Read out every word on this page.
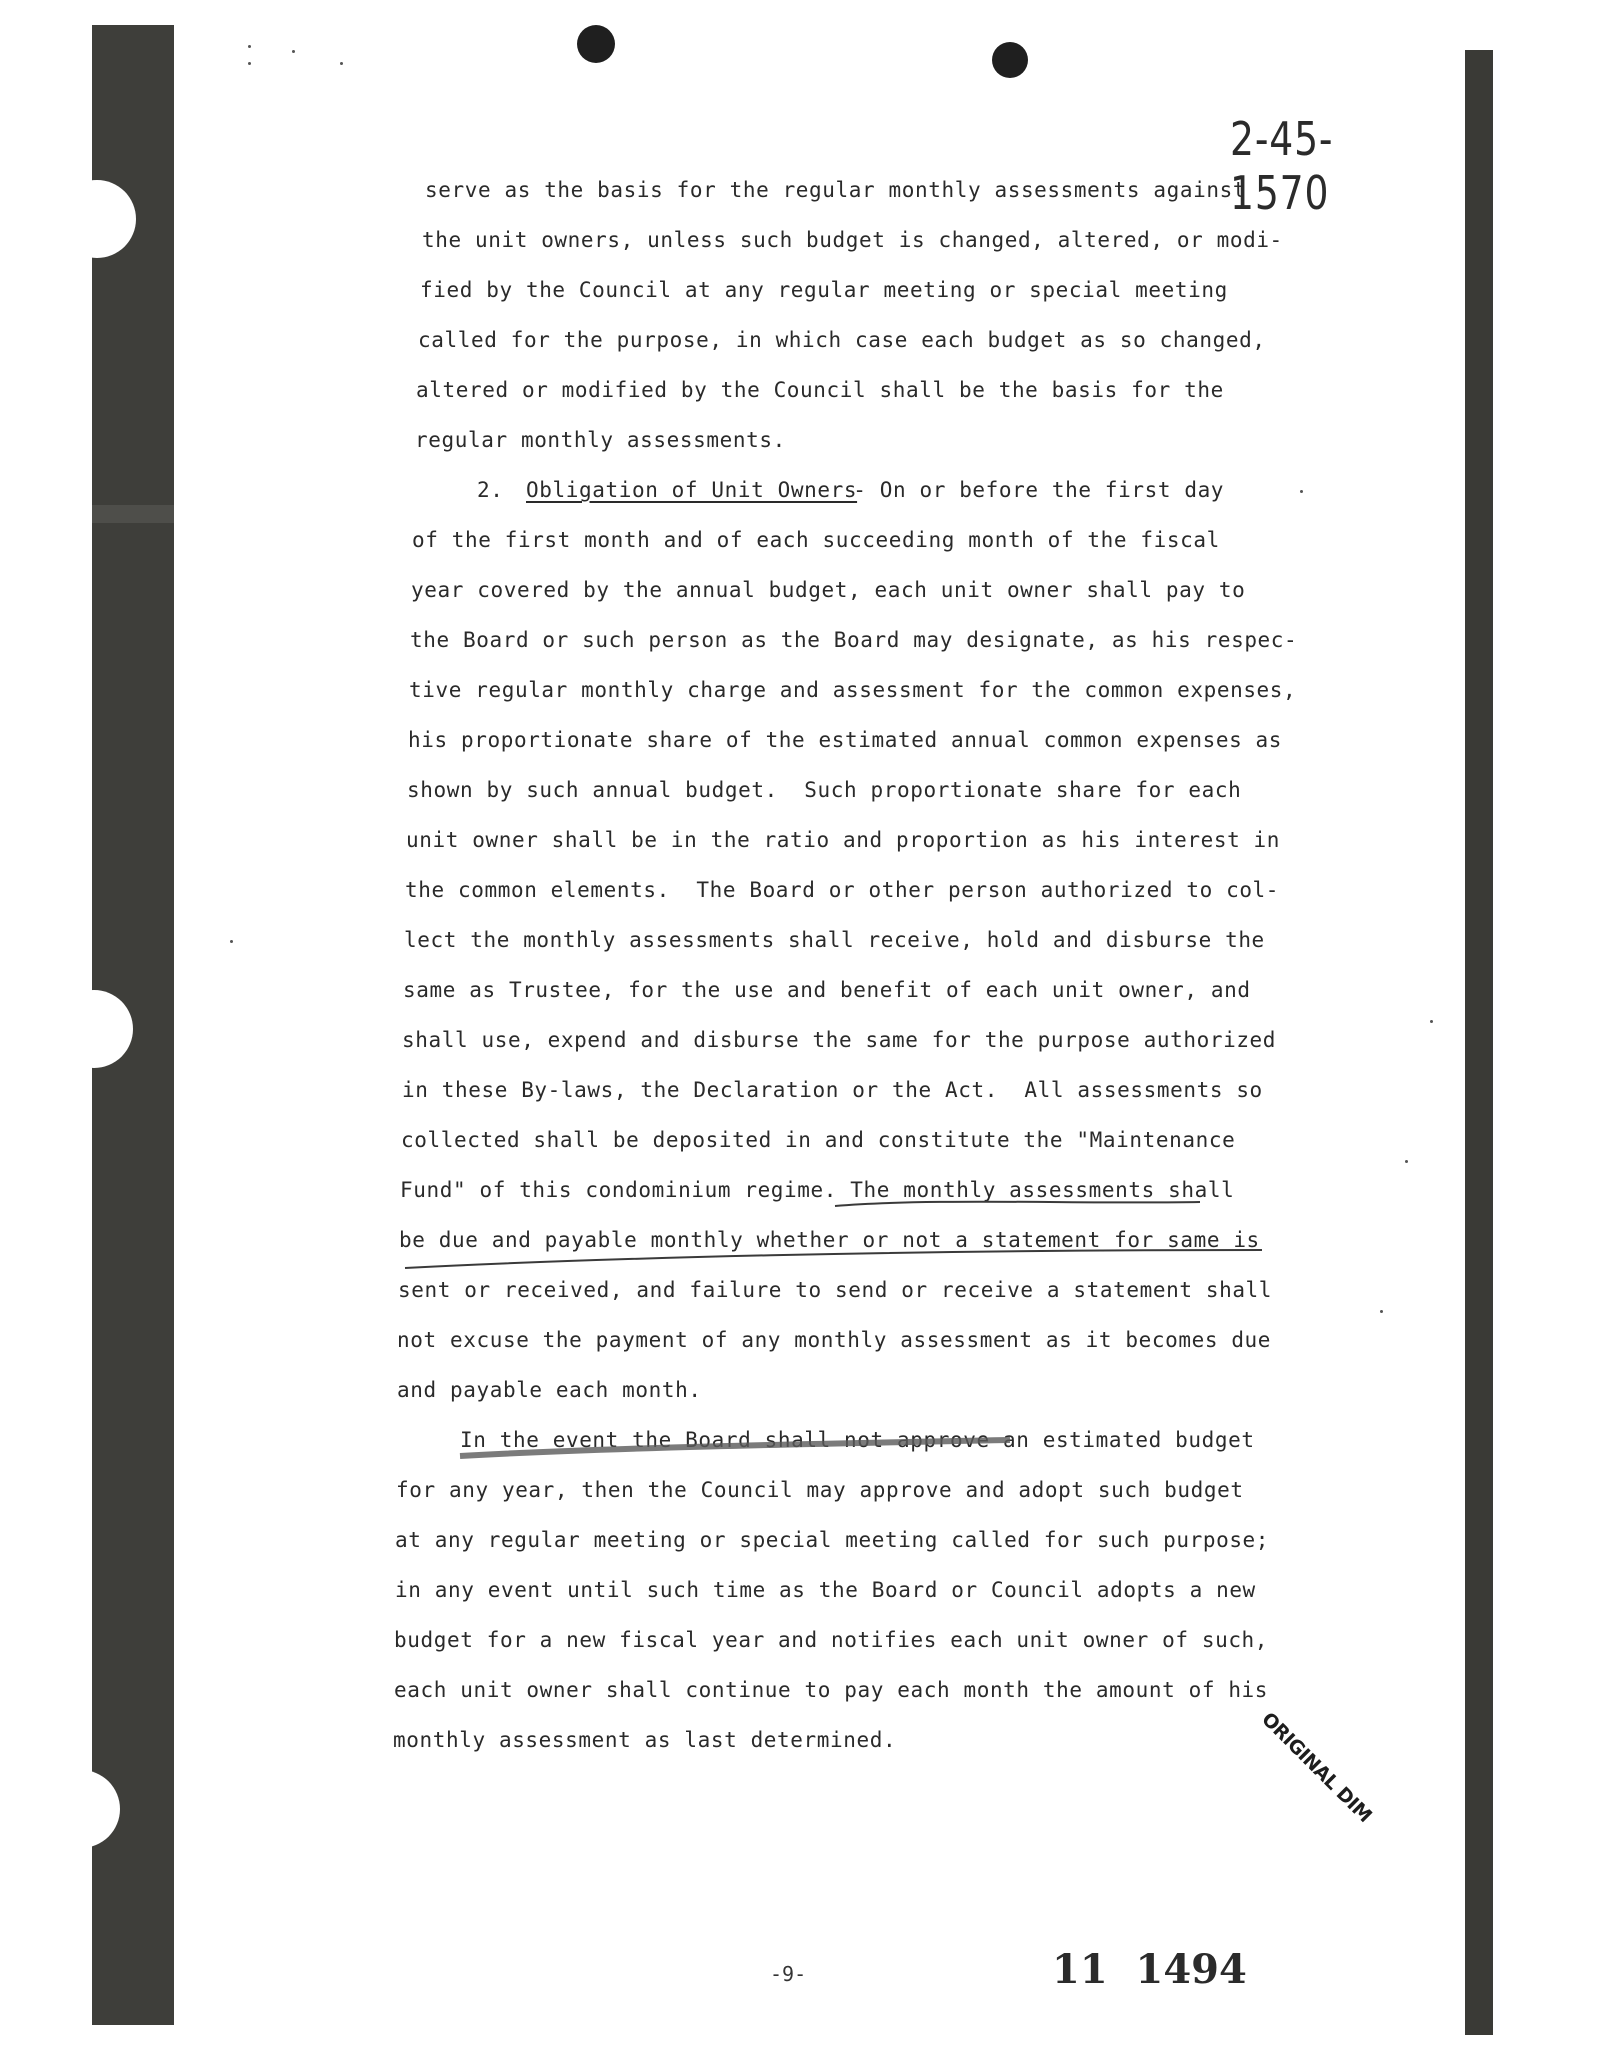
2-45-1570
serve as the basis for the regular monthly assessments against
the unit owners, unless such budget is changed, altered, or modi-
fied by the Council at any regular meeting or special meeting
called for the purpose, in which case each budget as so changed,
altered or modified by the Council shall be the basis for the
regular monthly assessments.
2. Obligation of Unit Owners
- On or before the first day
of the first month and of each succeeding month of the fiscal
year covered by the annual budget, each unit owner shall pay to
the Board or such person as the Board may designate, as his respec-
tive regular monthly charge and assessment for the common expenses,
his proportionate share of the estimated annual common expenses as
shown by such annual budget.  Such proportionate share for each
unit owner shall be in the ratio and proportion as his interest in
the common elements.  The Board or other person authorized to col-
lect the monthly assessments shall receive, hold and disburse the
same as Trustee, for the use and benefit of each unit owner, and
shall use, expend and disburse the same for the purpose authorized
in these By-laws, the Declaration or the Act.  All assessments so
collected shall be deposited in and constitute the "Maintenance
Fund" of this condominium regime. The monthly assessments shall
be due and payable monthly whether or not a statement for same is
sent or received, and failure to send or receive a statement shall
not excuse the payment of any monthly assessment as it becomes due
and payable each month.
In the event the Board shall not approve an estimated budget
for any year, then the Council may approve and adopt such budget
at any regular meeting or special meeting called for such purpose;
in any event until such time as the Board or Council adopts a new
budget for a new fiscal year and notifies each unit owner of such,
each unit owner shall continue to pay each month the amount of his
monthly assessment as last determined.	ORIGINAL DIM
-9-	11  1494
